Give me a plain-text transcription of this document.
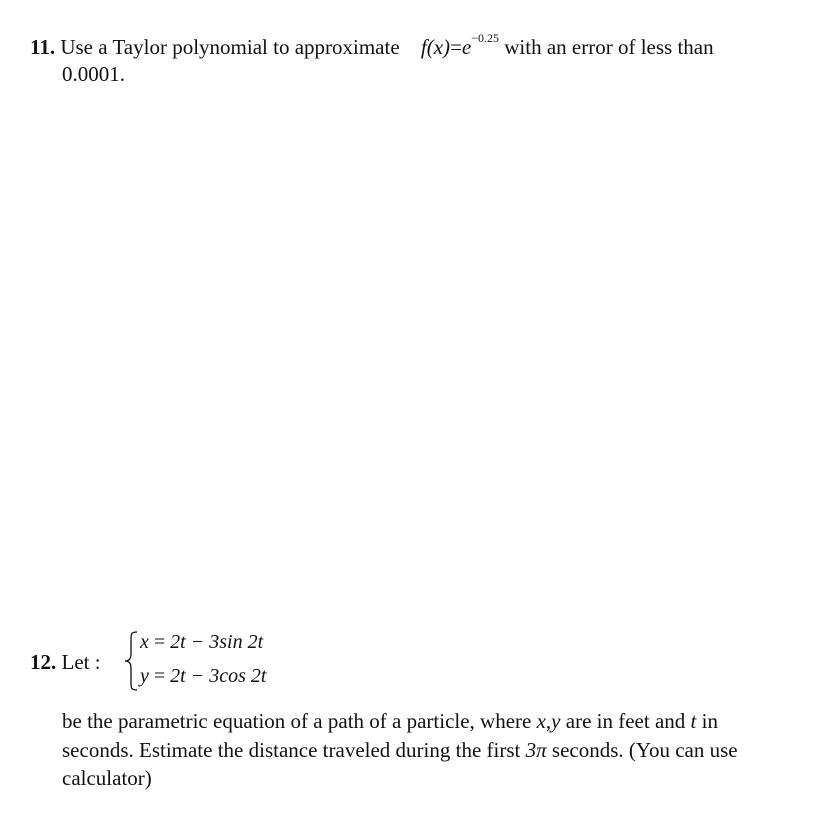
11. Use a Taylor polynomial to approximate $f(x)=e^{-0.25}$ with an error of less than
0.0001.
12. Let :
x = 2t − 3sin 2t
y = 2t − 3cos 2t
be the parametric equation of a path of a particle, where x,y are in feet and t in seconds. Estimate the distance traveled during the first 3π seconds. (You can use calculator)
